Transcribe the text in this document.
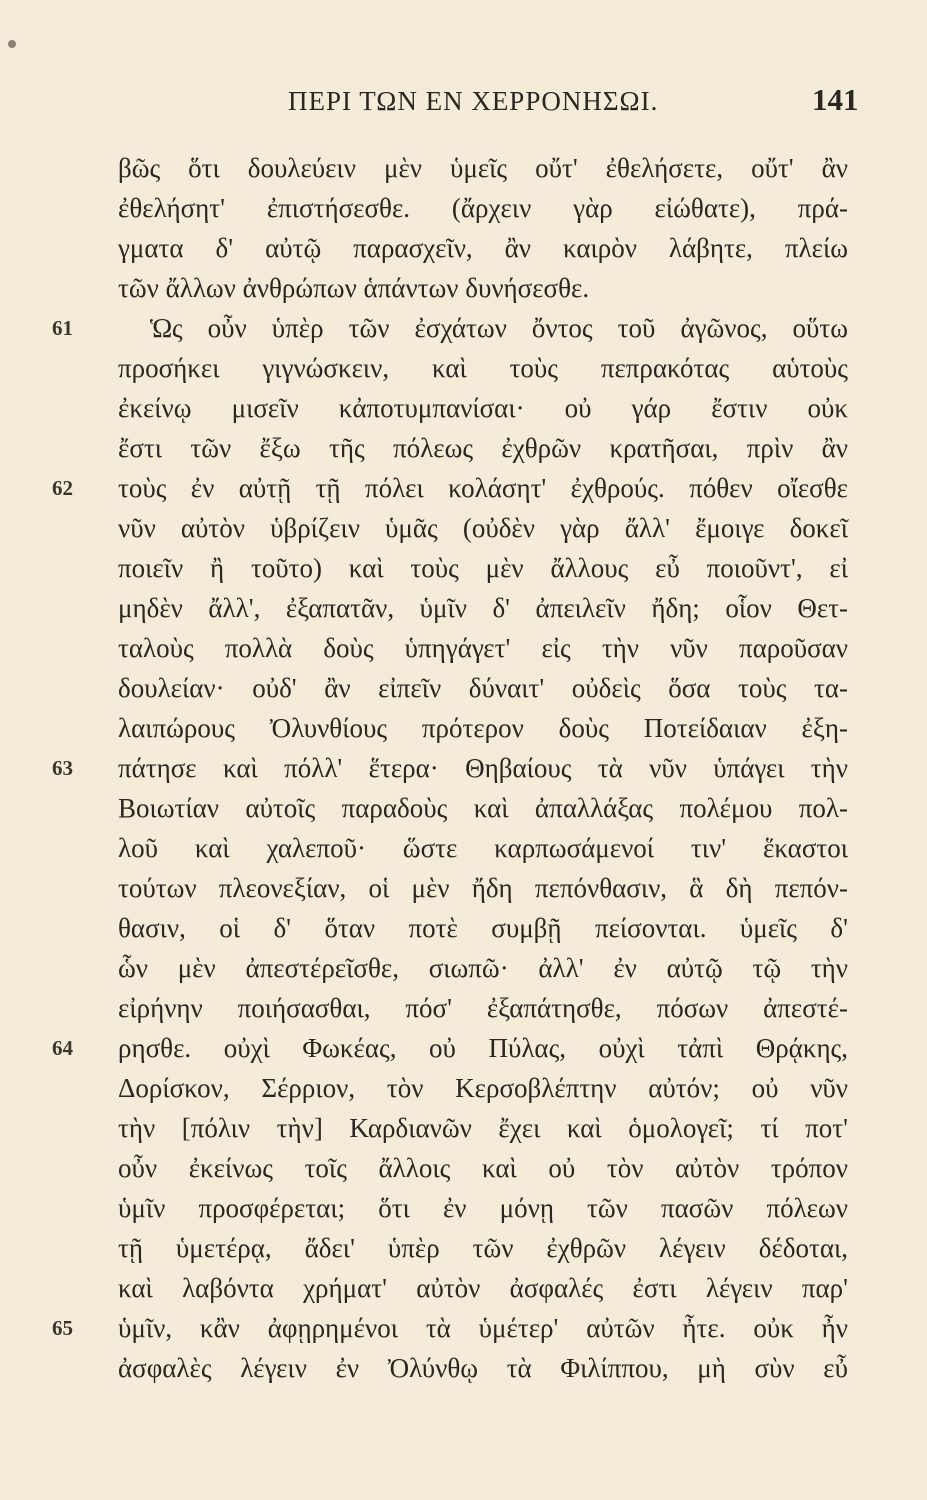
ΠΕΡΙ ΤΩΝ ΕΝ ΧΕΡΡΟΝΗΣΩΙ.	141
βῶς ὅτι δουλεύειν μὲν ὑμεῖς οὔτ' ἐθελήσετε, οὔτ' ἂν
ἐθελήσητ' ἐπιστήσεσθε. (ἄρχειν γὰρ εἰώθατε), πρά-
γματα δ' αὐτῷ παρασχεῖν, ἂν καιρὸν λάβητε, πλείω
τῶν ἄλλων ἀνθρώπων ἁπάντων δυνήσεσθε.
Ὡς οὖν ὑπὲρ τῶν ἐσχάτων ὄντος τοῦ ἀγῶνος, οὕτω
προσήκει γιγνώσκειν, καὶ τοὺς πεπρακότας αὑτοὺς
ἐκείνῳ μισεῖν κἀποτυμπανίσαι· οὐ γάρ ἔστιν οὐκ
ἔστι τῶν ἔξω τῆς πόλεως ἐχθρῶν κρατῆσαι, πρὶν ἂν
τοὺς ἐν αὐτῇ τῇ πόλει κολάσητ' ἐχθρούς. πόθεν οἴεσθε
νῦν αὐτὸν ὑβρίζειν ὑμᾶς (οὐδὲν γὰρ ἄλλ' ἔμοιγε δοκεῖ
ποιεῖν ἢ τοῦτο) καὶ τοὺς μὲν ἄλλους εὖ ποιοῦντ', εἰ
μηδὲν ἄλλ', ἐξαπατᾶν, ὑμῖν δ' ἀπειλεῖν ἤδη; οἷον Θετ-
ταλοὺς πολλὰ δοὺς ὑπηγάγετ' εἰς τὴν νῦν παροῦσαν
δουλείαν· οὐδ' ἂν εἰπεῖν δύναιτ' οὐδεὶς ὅσα τοὺς τα-
λαιπώρους Ὀλυνθίους πρότερον δοὺς Ποτείδαιαν ἐξη-
πάτησε καὶ πόλλ' ἕτερα· Θηβαίους τὰ νῦν ὑπάγει τὴν
Βοιωτίαν αὐτοῖς παραδοὺς καὶ ἀπαλλάξας πολέμου πολ-
λοῦ καὶ χαλεποῦ· ὥστε καρπωσάμενοί τιν' ἕκαστοι
τούτων πλεονεξίαν, οἱ μὲν ἤδη πεπόνθασιν, ἃ δὴ πεπόν-
θασιν, οἱ δ' ὅταν ποτὲ συμβῇ πείσονται. ὑμεῖς δ'
ὧν μὲν ἀπεστέρεῖσθε, σιωπῶ· ἀλλ' ἐν αὐτῷ τῷ τὴν
εἰρήνην ποιήσασθαι, πόσ' ἐξαπάτησθε, πόσων ἀπεστέ-
ρησθε. οὐχὶ Φωκέας, οὐ Πύλας, οὐχὶ τἀπὶ Θρᾴκης,
Δορίσκον, Σέρριον, τὸν Κερσοβλέπτην αὐτόν; οὐ νῦν
τὴν [πόλιν τὴν] Καρδιανῶν ἔχει καὶ ὁμολογεῖ; τί ποτ'
οὖν ἐκείνως τοῖς ἄλλοις καὶ οὐ τὸν αὐτὸν τρόπον
ὑμῖν προσφέρεται; ὅτι ἐν μόνῃ τῶν πασῶν πόλεων
τῇ ὑμετέρᾳ, ἄδει' ὑπὲρ τῶν ἐχθρῶν λέγειν δέδοται,
καὶ λαβόντα χρήματ' αὐτὸν ἀσφαλές ἐστι λέγειν παρ'
ὑμῖν, κἂν ἀφῃρημένοι τὰ ὑμέτερ' αὐτῶν ἦτε. οὐκ ἦν
ἀσφαλὲς λέγειν ἐν Ὀλύνθῳ τὰ Φιλίππου, μὴ σὺν εὖ
61
62
63
64
65
